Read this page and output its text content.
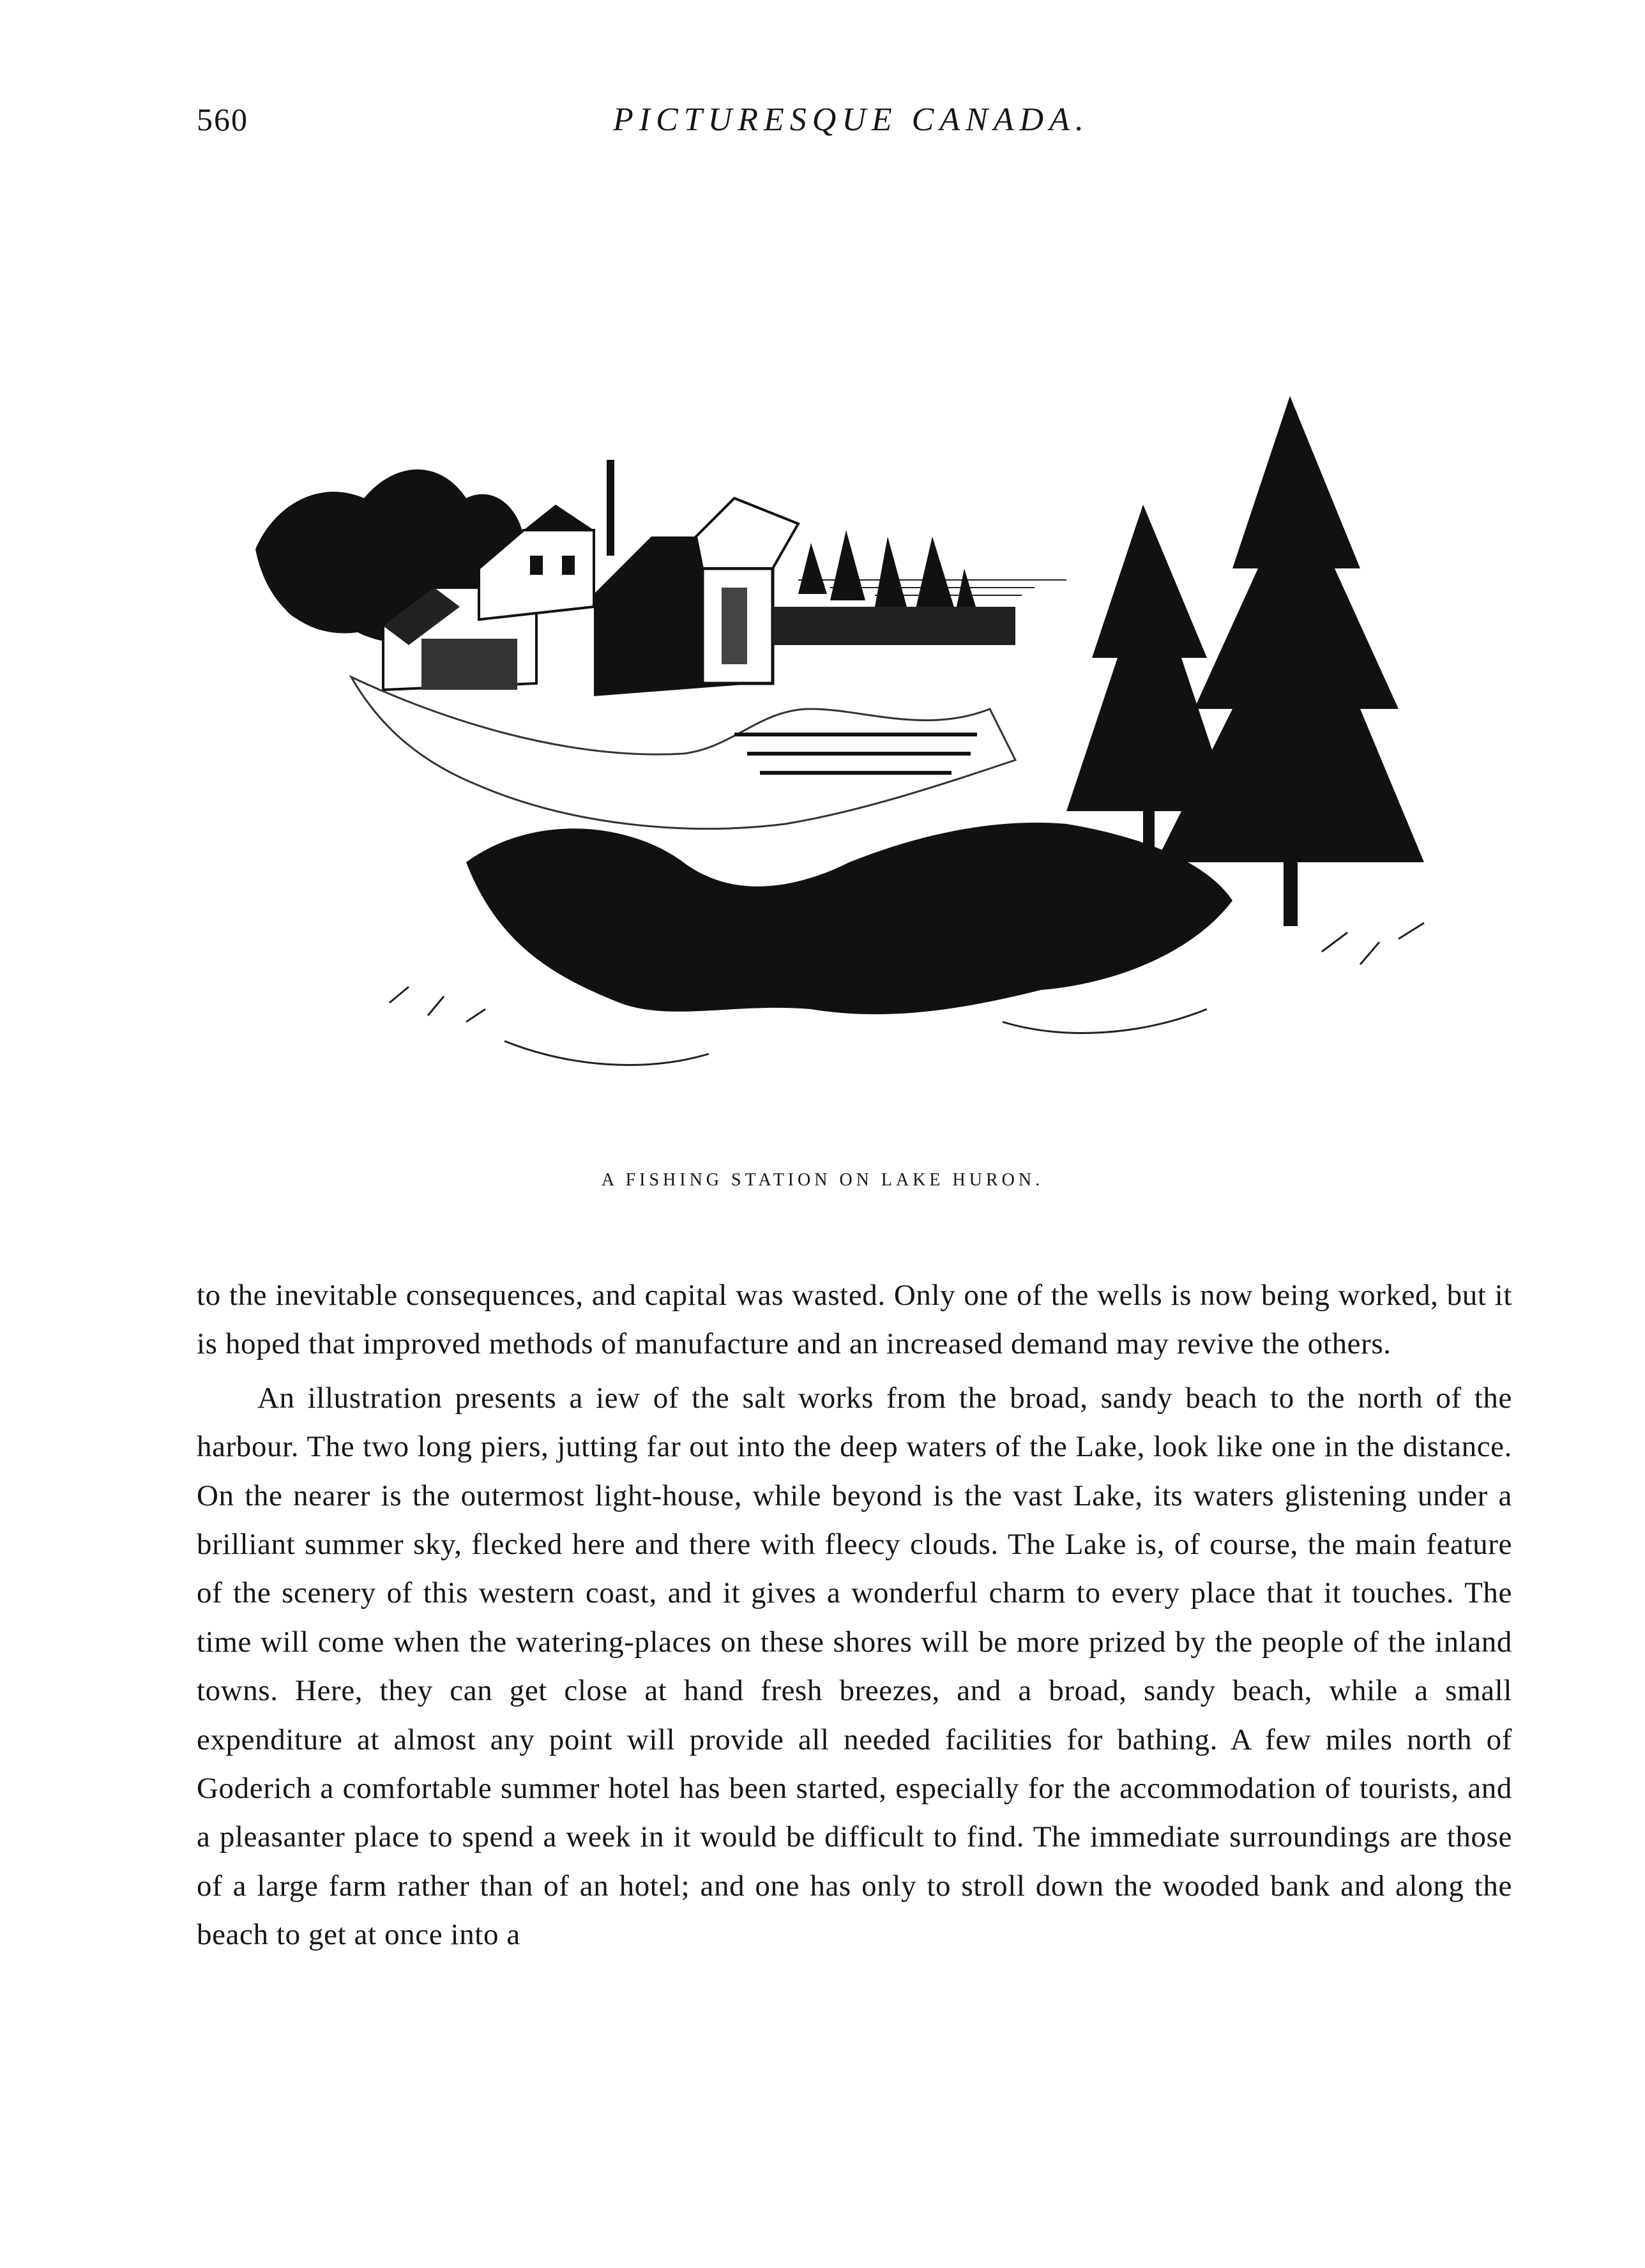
560	PICTURESQUE CANADA.
A FISHING STATION ON LAKE HURON.

to the inevitable consequences, and capital was wasted. Only one of the wells is now being worked, but it is hoped that improved methods of manufacture and an increased demand may revive the others.

An illustration presents a iew of the salt works from the broad, sandy beach to the north of the harbour. The two long piers, jutting far out into the deep waters of the Lake, look like one in the distance. On the nearer is the outermost light-house, while beyond is the vast Lake, its waters glistening under a brilliant summer sky, flecked here and there with fleecy clouds. The Lake is, of course, the main feature of the scenery of this western coast, and it gives a wonderful charm to every place that it touches. The time will come when the watering-places on these shores will be more prized by the people of the inland towns. Here, they can get close at hand fresh breezes, and a broad, sandy beach, while a small expenditure at almost any point will provide all needed facilities for bathing. A few miles north of Goderich a comfortable summer hotel has been started, especially for the accommodation of tourists, and a pleasanter place to spend a week in it would be difficult to find. The immediate surroundings are those of a large farm rather than of an hotel; and one has only to stroll down the wooded bank and along the beach to get at once into a
